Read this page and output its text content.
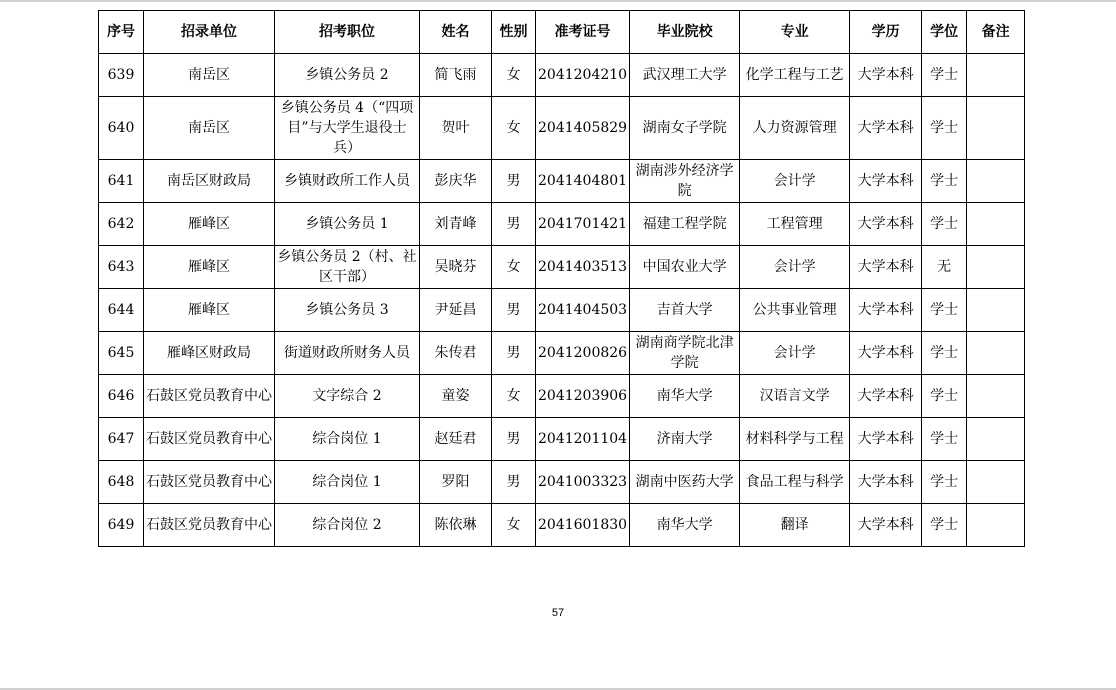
序号	招录单位	招考职位	姓名	性别	准考证号	毕业院校	专业	学历	学位	备注
639	南岳区	乡镇公务员 2	简飞雨	女	2041204210	武汉理工大学	化学工程与工艺	大学本科	学士	
640	南岳区	乡镇公务员 4（“四项目”与大学生退役士兵）	贺叶	女	2041405829	湖南女子学院	人力资源管理	大学本科	学士	
641	南岳区财政局	乡镇财政所工作人员	彭庆华	男	2041404801	湖南涉外经济学院	会计学	大学本科	学士	
642	雁峰区	乡镇公务员 1	刘青峰	男	2041701421	福建工程学院	工程管理	大学本科	学士	
643	雁峰区	乡镇公务员 2（村、社区干部）	吴晓芬	女	2041403513	中国农业大学	会计学	大学本科	无	
644	雁峰区	乡镇公务员 3	尹延昌	男	2041404503	吉首大学	公共事业管理	大学本科	学士	
645	雁峰区财政局	街道财政所财务人员	朱传君	男	2041200826	湖南商学院北津学院	会计学	大学本科	学士	
646	石鼓区党员教育中心	文字综合 2	童姿	女	2041203906	南华大学	汉语言文学	大学本科	学士	
647	石鼓区党员教育中心	综合岗位 1	赵廷君	男	2041201104	济南大学	材料科学与工程	大学本科	学士	
648	石鼓区党员教育中心	综合岗位 1	罗阳	男	2041003323	湖南中医药大学	食品工程与科学	大学本科	学士	
649	石鼓区党员教育中心	综合岗位 2	陈依琳	女	2041601830	南华大学	翻译	大学本科	学士	
57
